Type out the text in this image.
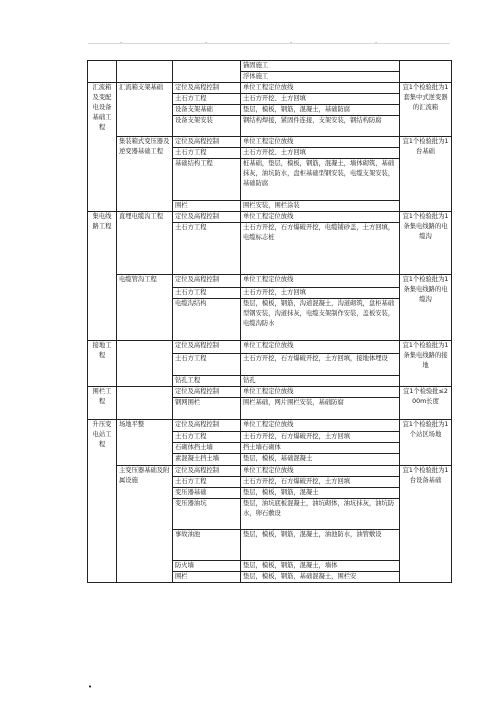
-	-	-	-
			锚固施工	
			浮体施工	
汇流箱及变配电设备基础工程	汇流箱支架基础	定位及高程控制	单位工程定位放线	宜1个检验批为1套集中式逆变器的汇流箱
		土石方工程	土石方开挖、土方回填	
		设备支架基础	垫层，模板，钢筋，混凝土，基础防腐	
		设备支架安装	钢结构焊接，紧固件连接，支架安装，钢结构防腐	
	集装箱式变压器及逆变器基础工程	定位及高程控制	单位工程定位放线	宜1个检验批为1台基础
		土石方工程	土石方开挖、土方回填	
		基础结构工程	桩基础，垫层，模板，钢筋，混凝土，墙体砌筑，基础抹灰，油坑防水，盘柜基础型钢安装，电缆支架安装，基础防腐	
		围栏	围栏安装，围栏涂装	
集电线路工程	直埋电缆沟工程	定位及高程控制	单位工程定位放线	宜1个检验批为1条集电线路的电缆沟
		土石方工程	土石方开挖，石方爆破开挖，电缆铺砂盖，土方回填，电缆标志桩	
	电缆管沟工程	定位及高程控制	单位工程定位放线	宜1个检验批为1条集电线路的电缆沟
		土石方工程	土石方开挖，土方回填	
		电缆沟结构	垫层，模板，钢筋，沟道混凝土，沟道砌筑，盘柜基础型钢安装，沟道抹灰，电缆支架制作安装，盖板安装，电缆沟防水	
接地工程		定位及高程控制	单位工程定位放线	宜1个检验批为1条集电线路的接地
		土石方工程	土石方开挖，石方爆破开挖，土方回填，接地体埋设	
		钻孔工程	钻孔	
围栏工程		定位及高程控制	单位工程定位放线	宜1个检验批≤200m长度
		钢网围栏	围栏基础，网片围栏安装，基础防腐	
升压变电站工程	场地平整	定位及高程控制	单位工程定位放线	宜1个检验批为1个站区场地
		土石方工程	土石方开挖，石方爆破开挖，土方回填	
		石砌体挡土墙	挡土墙石砌体	
		素混凝土挡土墙	垫层，模板，基础混凝土	
	主变压器基础及附属设施	定位及高程控制	单位工程定位放线	宜1个检验批为1台设备基础
		土石方工程	土石方开挖，石方爆破开挖，土方回填	
		变压器基础	垫层，模板，钢筋，混凝土	
		变压器油坑	垫层，油坑底板混凝土，油坑砌体，油坑抹灰，油坑防水，卵石敷设	
		事故油池	垫层，模板，钢筋，混凝土，油池防水，油管敷设	
		防火墙	垫层，模板，钢筋，混凝土，墙体	
		围栏	垫层，模板，钢筋，基础混凝土，围栏安	
•
